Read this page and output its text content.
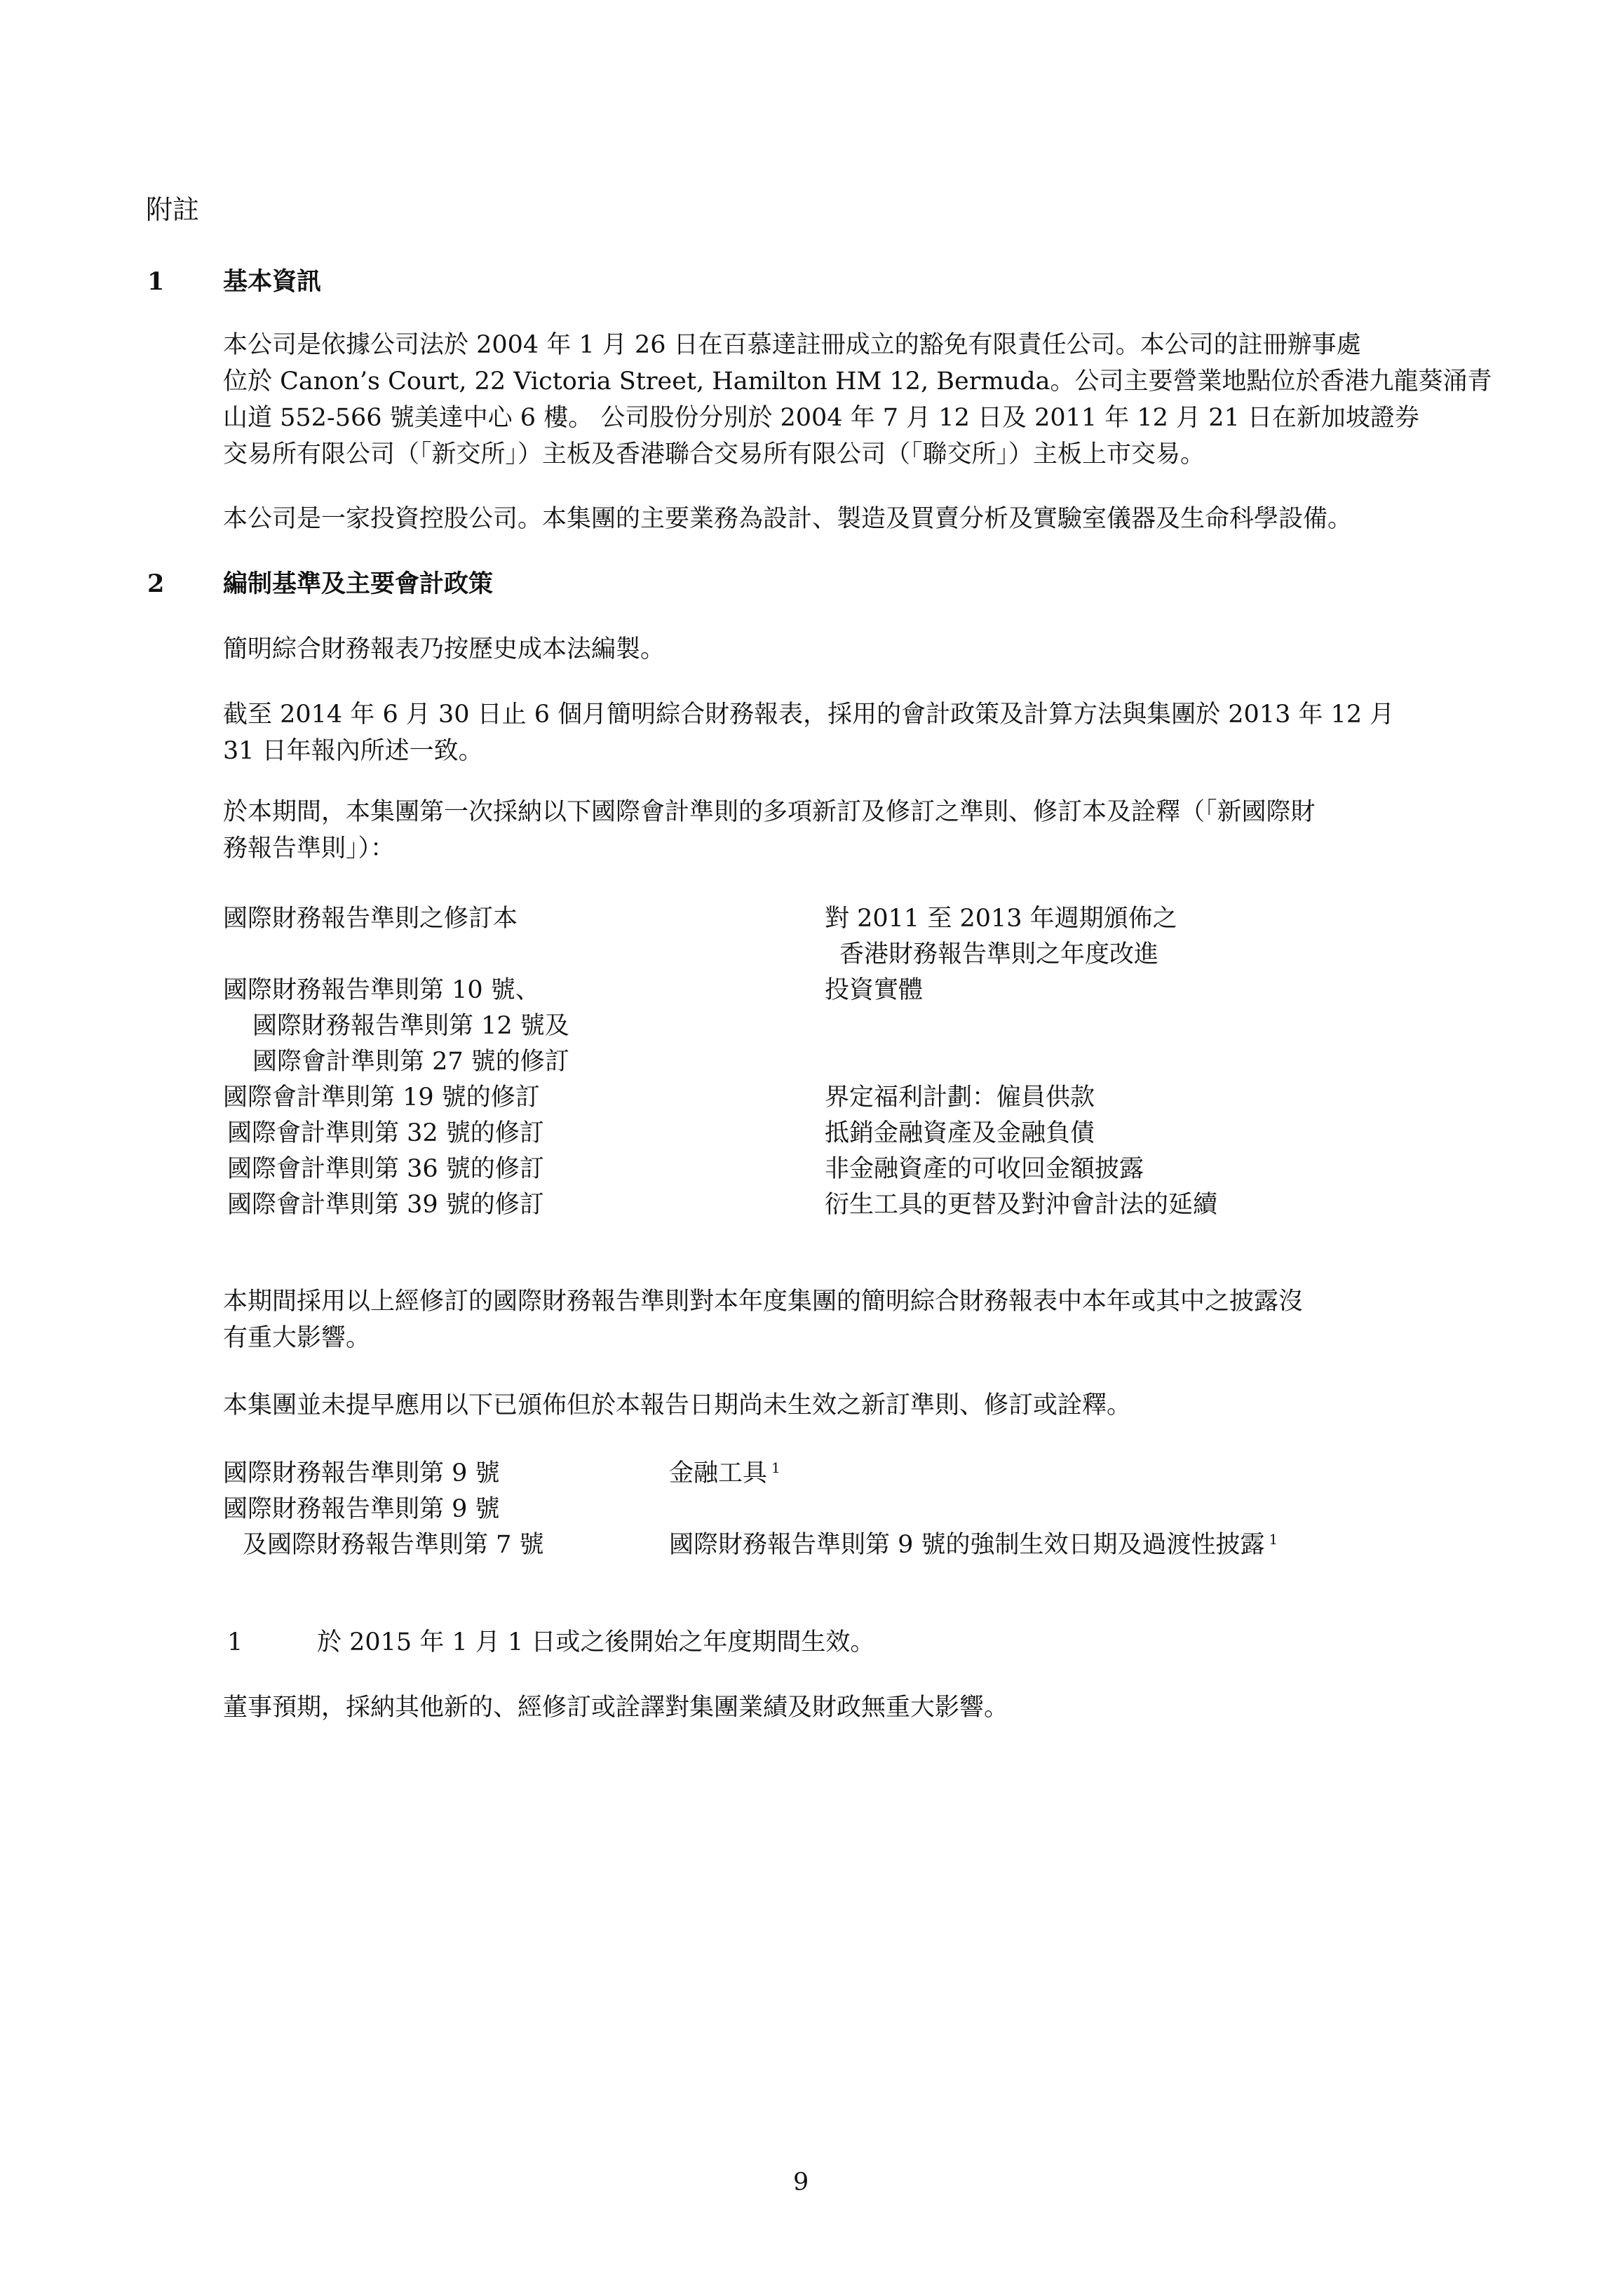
附註
1 基本資訊
本公司是依據公司法於 2004 年 1 月 26 日在百慕達註冊成立的豁免有限責任公司。本公司的註冊辦事處
位於 Canon’s Court, 22 Victoria Street, Hamilton HM 12, Bermuda。公司主要營業地點位於香港九龍葵涌青
山道 552-566 號美達中心 6 樓。 公司股份分別於 2004 年 7 月 12 日及 2011 年 12 月 21 日在新加坡證券
交易所有限公司（「新交所」）主板及香港聯合交易所有限公司（「聯交所」）主板上市交易。
本公司是一家投資控股公司。本集團的主要業務為設計、製造及買賣分析及實驗室儀器及生命科學設備。
2 編制基準及主要會計政策
簡明綜合財務報表乃按歷史成本法編製。
截至 2014 年 6 月 30 日止 6 個月簡明綜合財務報表，採用的會計政策及計算方法與集團於 2013 年 12 月
31 日年報內所述一致。
於本期間，本集團第一次採納以下國際會計準則的多項新訂及修訂之準則、修訂本及詮釋（「新國際財
務報告準則」）：
國際財務報告準則之修訂本	對 2011 至 2013 年週期頒佈之
香港財務報告準則之年度改進
國際財務報告準則第 10 號、	投資實體
國際財務報告準則第 12 號及
國際會計準則第 27 號的修訂
國際會計準則第 19 號的修訂	界定福利計劃：僱員供款
國際會計準則第 32 號的修訂	抵銷金融資產及金融負債
國際會計準則第 36 號的修訂	非金融資產的可收回金額披露
國際會計準則第 39 號的修訂	衍生工具的更替及對沖會計法的延續
本期間採用以上經修訂的國際財務報告準則對本年度集團的簡明綜合財務報表中本年或其中之披露沒
有重大影響。
本集團並未提早應用以下已頒佈但於本報告日期尚未生效之新訂準則、修訂或詮釋。
國際財務報告準則第 9 號	金融工具 $^1$
國際財務報告準則第 9 號
及國際財務報告準則第 7 號	國際財務報告準則第 9 號的強制生效日期及過渡性披露 $^1$
1	於 2015 年 1 月 1 日或之後開始之年度期間生效。
董事預期，採納其他新的、經修訂或詮譯對集團業績及財政無重大影響。
9
